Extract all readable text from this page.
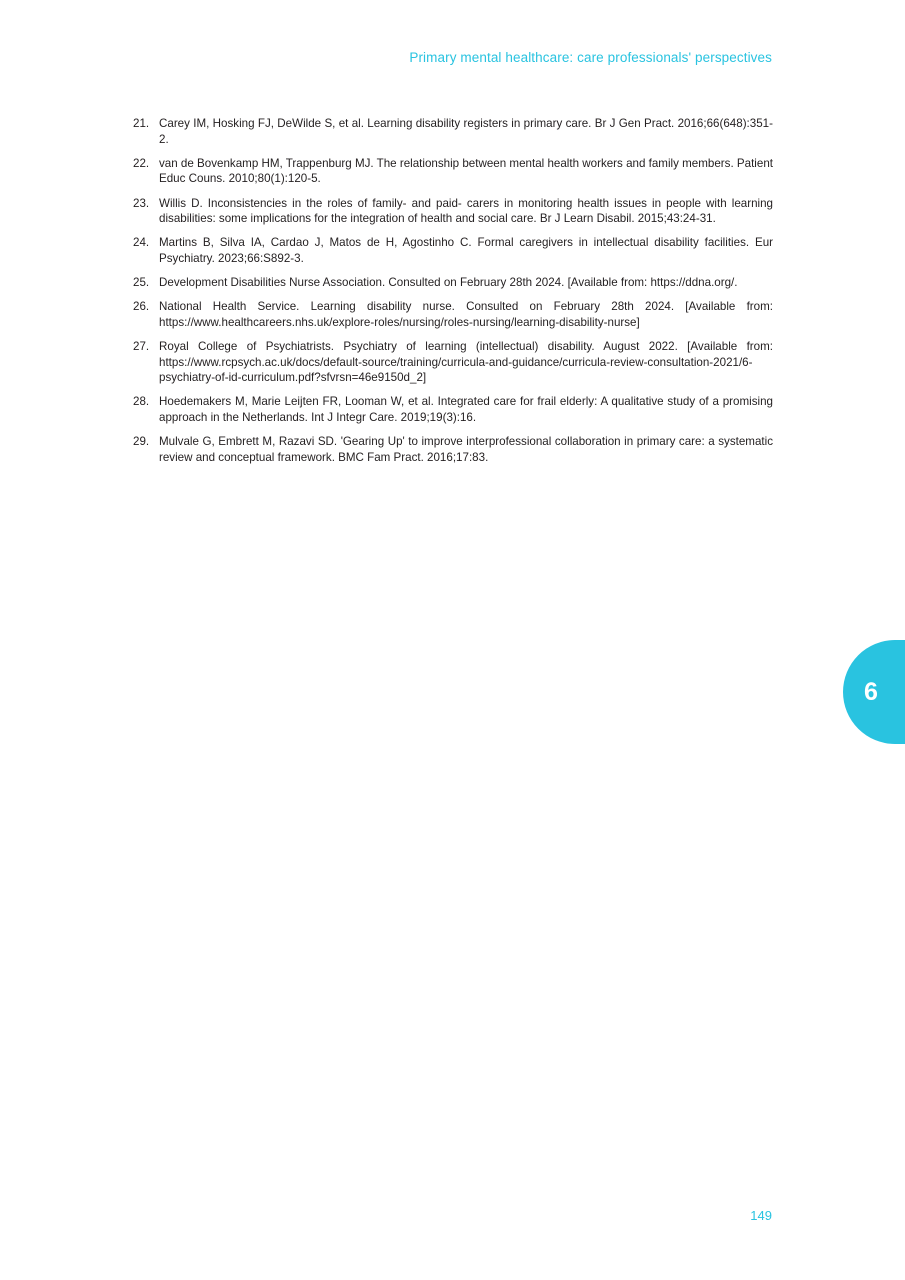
Primary mental healthcare: care professionals' perspectives
21. Carey IM, Hosking FJ, DeWilde S, et al. Learning disability registers in primary care. Br J Gen Pract. 2016;66(648):351-2.
22. van de Bovenkamp HM, Trappenburg MJ. The relationship between mental health workers and family members. Patient Educ Couns. 2010;80(1):120-5.
23. Willis D. Inconsistencies in the roles of family- and paid- carers in monitoring health issues in people with learning disabilities: some implications for the integration of health and social care. Br J Learn Disabil. 2015;43:24-31.
24. Martins B, Silva IA, Cardao J, Matos de H, Agostinho C. Formal caregivers in intellectual disability facilities. Eur Psychiatry. 2023;66:S892-3.
25. Development Disabilities Nurse Association. Consulted on February 28th 2024. [Available from: https://ddna.org/.
26. National Health Service. Learning disability nurse. Consulted on February 28th 2024. [Available from: https://www.healthcareers.nhs.uk/explore-roles/nursing/roles-nursing/learning-disability-nurse]
27. Royal College of Psychiatrists. Psychiatry of learning (intellectual) disability. August 2022. [Available from: https://www.rcpsych.ac.uk/docs/default-source/training/curricula-and-guidance/curricula-review-consultation-2021/6-psychiatry-of-id-curriculum.pdf?sfvrsn=46e9150d_2]
28. Hoedemakers M, Marie Leijten FR, Looman W, et al. Integrated care for frail elderly: A qualitative study of a promising approach in the Netherlands. Int J Integr Care. 2019;19(3):16.
29. Mulvale G, Embrett M, Razavi SD. 'Gearing Up' to improve interprofessional collaboration in primary care: a systematic review and conceptual framework. BMC Fam Pract. 2016;17:83.
6
149
